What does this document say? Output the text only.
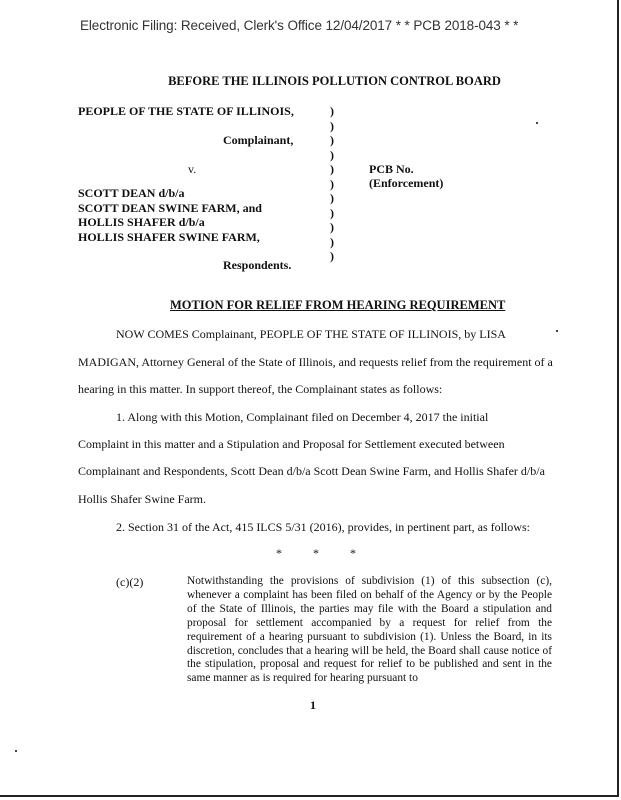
Electronic Filing: Received, Clerk's Office 12/04/2017 * * PCB 2018-043 * *
BEFORE THE ILLINOIS POLLUTION CONTROL BOARD
PEOPLE OF THE STATE OF ILLINOIS,
Complainant,
v.	PCB No.
(Enforcement)
SCOTT DEAN d/b/a
SCOTT DEAN SWINE FARM, and
HOLLIS SHAFER d/b/a
HOLLIS SHAFER SWINE FARM,
Respondents.
)
)
)
)
)
)
)
)
)
)
)
MOTION FOR RELIEF FROM HEARING REQUIREMENT
NOW COMES Complainant, PEOPLE OF THE STATE OF ILLINOIS, by LISA
MADIGAN, Attorney General of the State of Illinois, and requests relief from the requirement of a
hearing in this matter. In support thereof, the Complainant states as follows:
1. Along with this Motion, Complainant filed on December 4, 2017 the initial
Complaint in this matter and a Stipulation and Proposal for Settlement executed between
Complainant and Respondents, Scott Dean d/b/a Scott Dean Swine Farm, and Hollis Shafer d/b/a
Hollis Shafer Swine Farm.
2. Section 31 of the Act, 415 ILCS 5/31 (2016), provides, in pertinent part, as follows:
* * *
(c)(2)	Notwithstanding the provisions of subdivision (1) of this subsection (c), whenever a complaint has been filed on behalf of the Agency or by the People of the State of Illinois, the parties may file with the Board a stipulation and proposal for settlement accompanied by a request for relief from the requirement of a hearing pursuant to subdivision (1). Unless the Board, in its discretion, concludes that a hearing will be held, the Board shall cause notice of the stipulation, proposal and request for relief to be published and sent in the same manner as is required for hearing pursuant to
1
